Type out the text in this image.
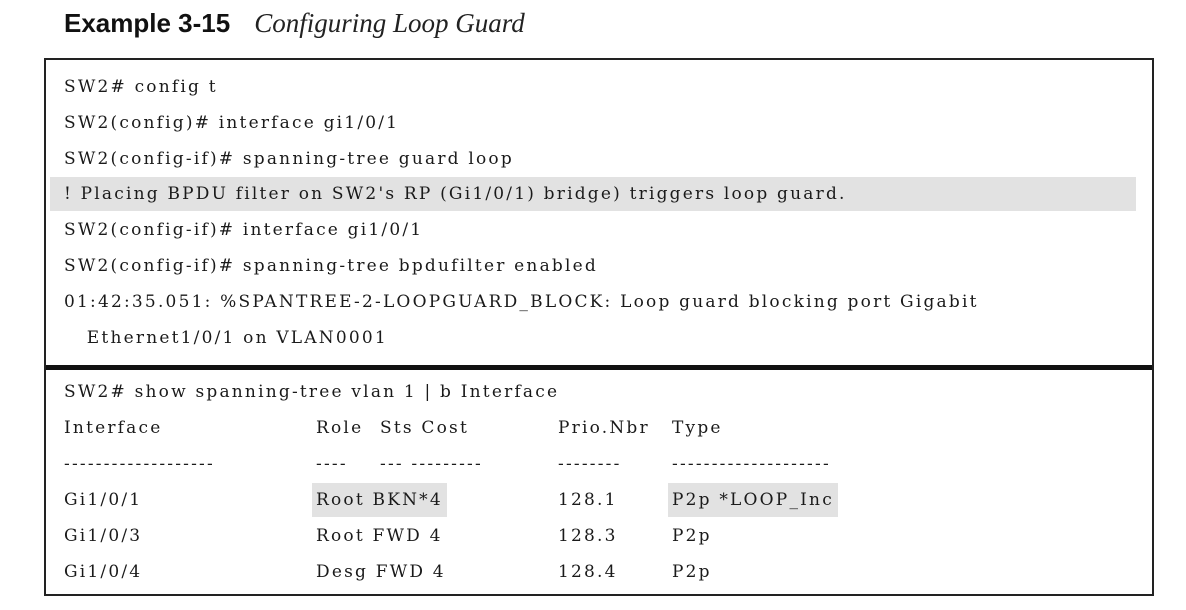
Example 3-15 Configuring Loop Guard
SW2# config t
SW2(config)# interface gi1/0/1
SW2(config-if)# spanning-tree guard loop
! Placing BPDU filter on SW2's RP (Gi1/0/1) bridge) triggers loop guard.
SW2(config-if)# interface gi1/0/1
SW2(config-if)# spanning-tree bpdufilter enabled
01:42:35.051: %SPANTREE-2-LOOPGUARD_BLOCK: Loop guard blocking port Gigabit
Ethernet1/0/1 on VLAN0001
SW2# show spanning-tree vlan 1 | b Interface
Interface	Role Sts Cost	Prio.Nbr Type
-------------------	---- --- ---------	--------	--------------------
Gi1/0/1	Root BKN*4	128.1	P2p *LOOP_Inc
Gi1/0/3	Root FWD 4	128.3	P2p
Gi1/0/4	Desg FWD 4	128.4	P2p
